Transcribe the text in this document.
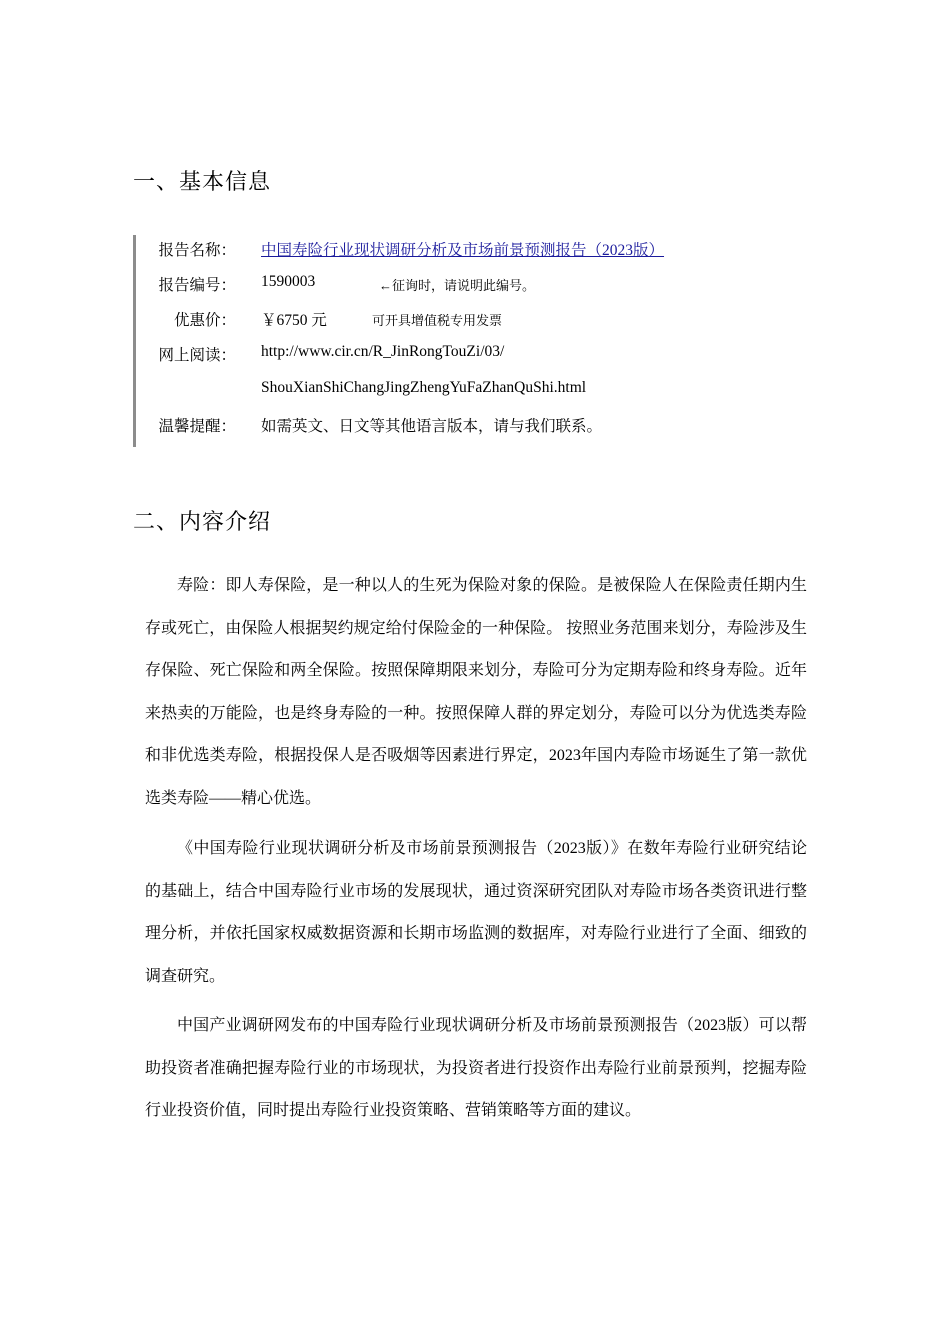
一、基本信息
报告名称： 中国寿险行业现状调研分析及市场前景预测报告（2023版）
报告编号： 1590003	←征询时，请说明此编号。
优惠价： ￥6750 元	可开具增值税专用发票
网上阅读： http://www.cir.cn/R_JinRongTouZi/03/
ShouXianShiChangJingZhengYuFaZhanQuShi.html
温馨提醒： 如需英文、日文等其他语言版本，请与我们联系。
二、内容介绍

寿险：即人寿保险，是一种以人的生死为保险对象的保险。是被保险人在保险责任期内生存或死亡，由保险人根据契约规定给付保险金的一种保险。 按照业务范围来划分，寿险涉及生存保险、死亡保险和两全保险。按照保障期限来划分，寿险可分为定期寿险和终身寿险。近年来热卖的万能险，也是终身寿险的一种。按照保障人群的界定划分，寿险可以分为优选类寿险和非优选类寿险，根据投保人是否吸烟等因素进行界定，2023年国内寿险市场诞生了第一款优选类寿险——精心优选。

《中国寿险行业现状调研分析及市场前景预测报告（2023版）》在数年寿险行业研究结论的基础上，结合中国寿险行业市场的发展现状，通过资深研究团队对寿险市场各类资讯进行整理分析，并依托国家权威数据资源和长期市场监测的数据库，对寿险行业进行了全面、细致的调查研究。

中国产业调研网发布的中国寿险行业现状调研分析及市场前景预测报告（2023版）可以帮助投资者准确把握寿险行业的市场现状，为投资者进行投资作出寿险行业前景预判，挖掘寿险行业投资价值，同时提出寿险行业投资策略、营销策略等方面的建议。
